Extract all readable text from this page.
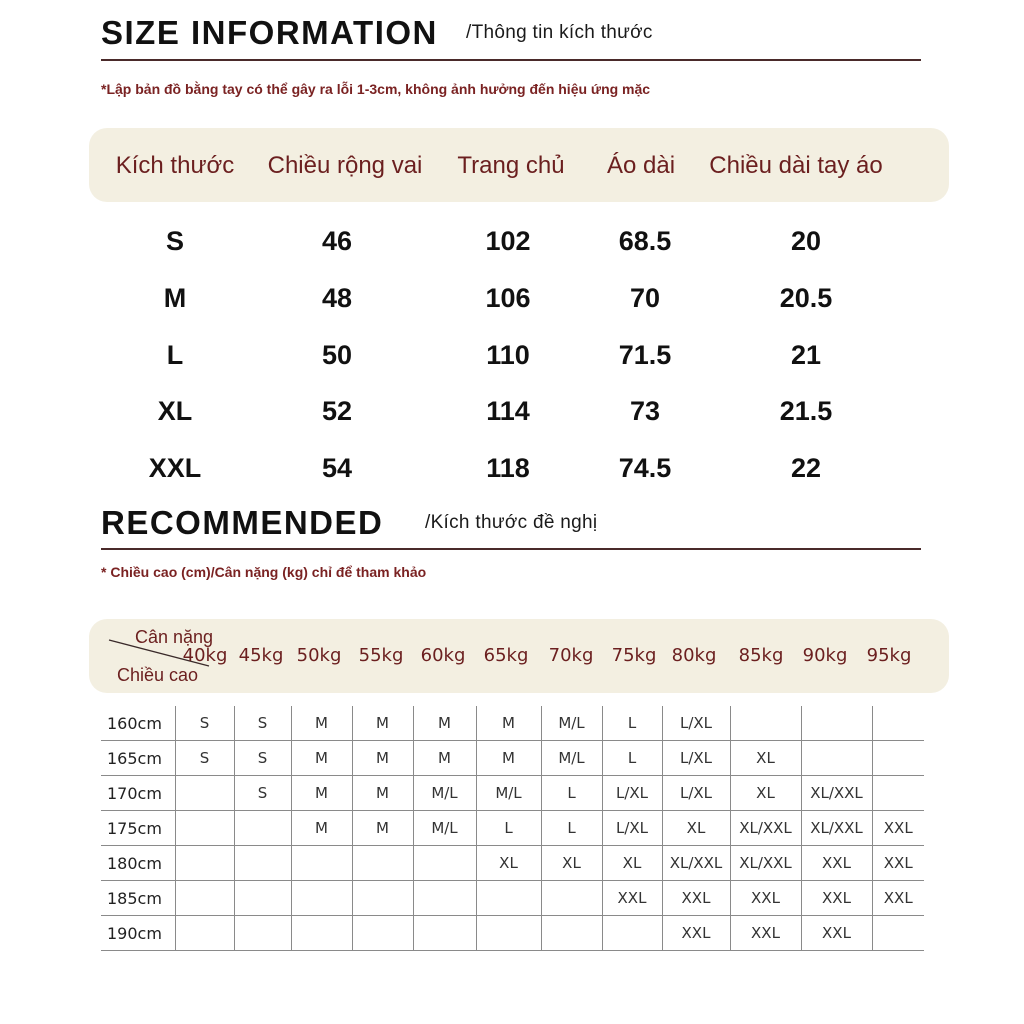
SIZE INFORMATION /Thông tin kích thước
*Lập bản đồ bằng tay có thể gây ra lỗi 1-3cm, không ảnh hưởng đến hiệu ứng mặc
Kích thước Chiều rộng vai Trang chủ Áo dài Chiều dài tay áo
S	46	102	68.5	20
M	48	106	70	20.5
L	50	110	71.5	21
XL	52	114	73	21.5
XXL	54	118	74.5	22
RECOMMENDED /Kích thước đề nghị
* Chiều cao (cm)/Cân nặng (kg) chỉ để tham khảo
Cân nặng
Chiều cao
40kg 45kg 50kg 55kg 60kg 65kg 70kg 75kg 80kg 85kg 90kg 95kg
160cm	S	S	M	M	M	M	M/L	L	L/XL			
165cm	S	S	M	M	M	M	M/L	L	L/XL	XL		
170cm		S	M	M	M/L	M/L	L	L/XL	L/XL	XL	XL/XXL	
175cm			M	M	M/L	L	L	L/XL	XL	XL/XXL	XL/XXL	XXL
180cm						XL	XL	XL	XL/XXL	XL/XXL	XXL	XXL
185cm								XXL	XXL	XXL	XXL	XXL
190cm									XXL	XXL	XXL	
